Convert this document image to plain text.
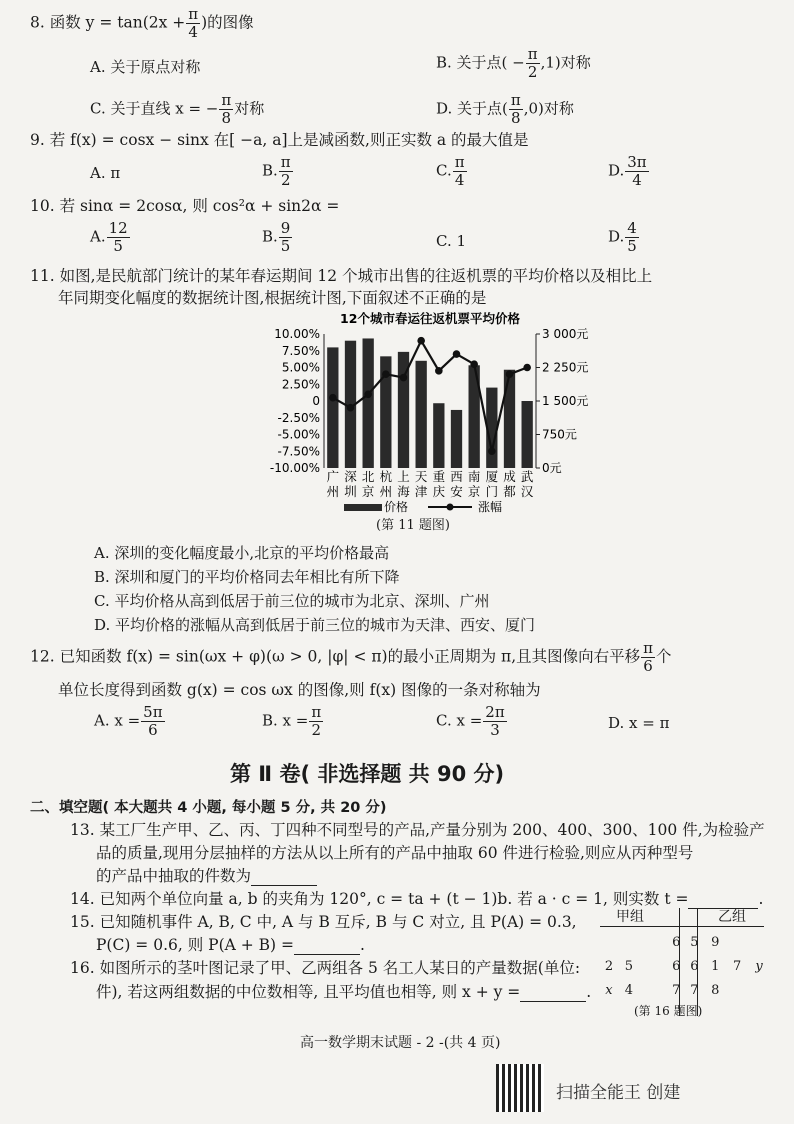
8. 函数 $y = \tan(2x + \frac{\pi}{4}$ )的图像
A. 关于原点对称	B. 关于点( − $\frac{\pi}{2} ,1$)对称
C. 关于直线 x = − $\frac{\pi}{8}$ 对称	D. 关于点( $\frac{\pi}{8} ,0$)对称
9. 若 f(x) = cosx − sinx 在[ −a, a]上是减函数,则正实数 a 的最大值是
A. π	B. $\frac{\pi}{2}$	C. $\frac{\pi}{4}$	D. $\frac{3\pi}{4}$
10. 若 sinα = 2cosα, 则 cos²α + sin2α =
A. $\frac{12}{5}$	B. $\frac{9}{5}$	C. 1	D. $\frac{4}{5}$
11. 如图,是民航部门统计的某年春运期间 12 个城市出售的往返机票的平均价格以及相比上
年同期变化幅度的数据统计图,根据统计图,下面叙述不正确的是
12个城市春运往返机票平均价格
10.00%
7.50%
5.00%
2.50%
0
-2.50%
-5.00%
-7.50%
-10.00%
3 000元
2 250元
1 500元
750元
0元
广
州
深
圳
北
京
杭
州
上
海
天
津
重
庆
西
安
南
京
厦
门
成
都
武
汉
价格	涨幅
(第 11 题图)
A. 深圳的变化幅度最小,北京的平均价格最高
B. 深圳和厦门的平均价格同去年相比有所下降
C. 平均价格从高到低居于前三位的城市为北京、深圳、广州
D. 平均价格的涨幅从高到低居于前三位的城市为天津、西安、厦门
12. 已知函数 f(x) = sin(ωx + φ)(ω > 0, |φ| < π)的最小正周期为 π,且其图像向右平移 $\frac{\pi}{6}$ 个
单位长度得到函数 g(x) = cos ωx 的图像,则 f(x) 图像的一条对称轴为
A. $x = \frac{5\pi}{6}$	B. $x = \frac{\pi}{2}$	C. $x = \frac{2\pi}{3}$	D. x = π
第 Ⅱ 卷( 非选择题 共 90 分)
二、填空题( 本大题共 4 小题, 每小题 5 分, 共 20 分)
13. 某工厂生产甲、乙、丙、丁四种不同型号的产品,产量分别为 200、400、300、100 件,为检验产
品的质量,现用分层抽样的方法从以上所有的产品中抽取 60 件进行检验,则应从丙种型号
的产品中抽取的件数为
14. 已知两个单位向量 a, b 的夹角为 120°, c = ta + (t − 1)b. 若 a · c = 1, 则实数 t =	.
15. 已知随机事件 A, B, C 中, A 与 B 互斥, B 与 C 对立, 且 P(A) = 0.3,
P(C) = 0.6, 则 P(A + B) =	.
16. 如图所示的茎叶图记录了甲、乙两组各 5 名工人某日的产量数据(单位:
件), 若这两组数据的中位数相等, 且平均值也相等, 则 x + y =	.
甲组	乙组
		6	5	9		
2	5	6	6	1	7	y
x	4	7	7	8		
(第 16 题图)
高一数学期末试题 - 2 -(共 4 页)
扫描全能王 创建
